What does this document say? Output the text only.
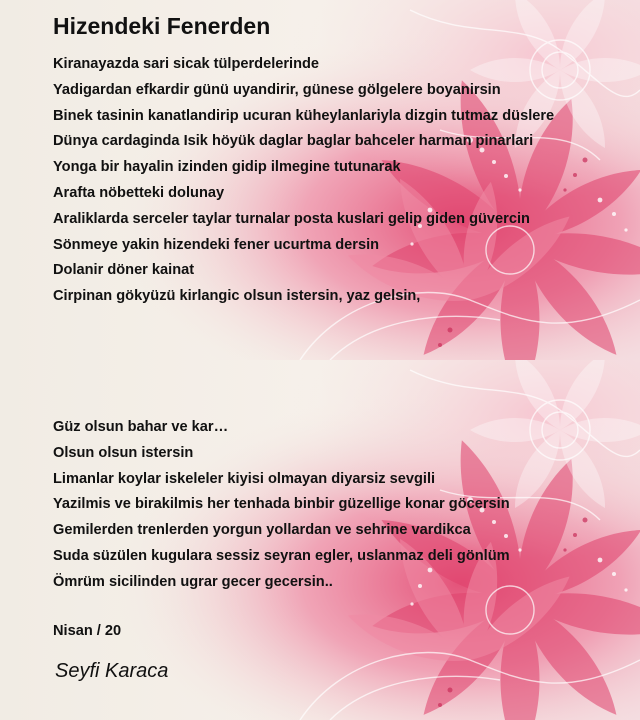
Hizendeki Fenerden
Kiranayazda sari sicak tülperdelerinde
Yadigardan efkardir günü uyandirir, günese gölgelere boyanirsin
Binek tasinin kanatlandirip ucuran küheylanlariyla dizgin tutmaz düslere
Dünya cardaginda Isik höyük daglar baglar bahceler harman pinarlari
Yonga bir hayalin izinden gidip ilmegine tutunarak
Arafta nöbetteki dolunay
Araliklarda serceler taylar turnalar posta kuslari gelip giden güvercin
Sönmeye yakin hizendeki fener ucurtma dersin
Dolanir döner kainat
Cirpinan gökyüzü kirlangic olsun istersin, yaz gelsin,
Güz olsun bahar ve kar…
Olsun olsun istersin
Limanlar koylar iskeleler kiyisi olmayan diyarsiz sevgili
Yazilmis ve birakilmis her tenhada binbir güzellige konar göcersin
Gemilerden trenlerden yorgun yollardan ve sehrine vardikca
Suda süzülen kugulara sessiz seyran egler, uslanmaz deli gönlüm
Ömrüm sicilinden ugrar gecer gecersin..
Nisan / 20
Seyfi Karaca
